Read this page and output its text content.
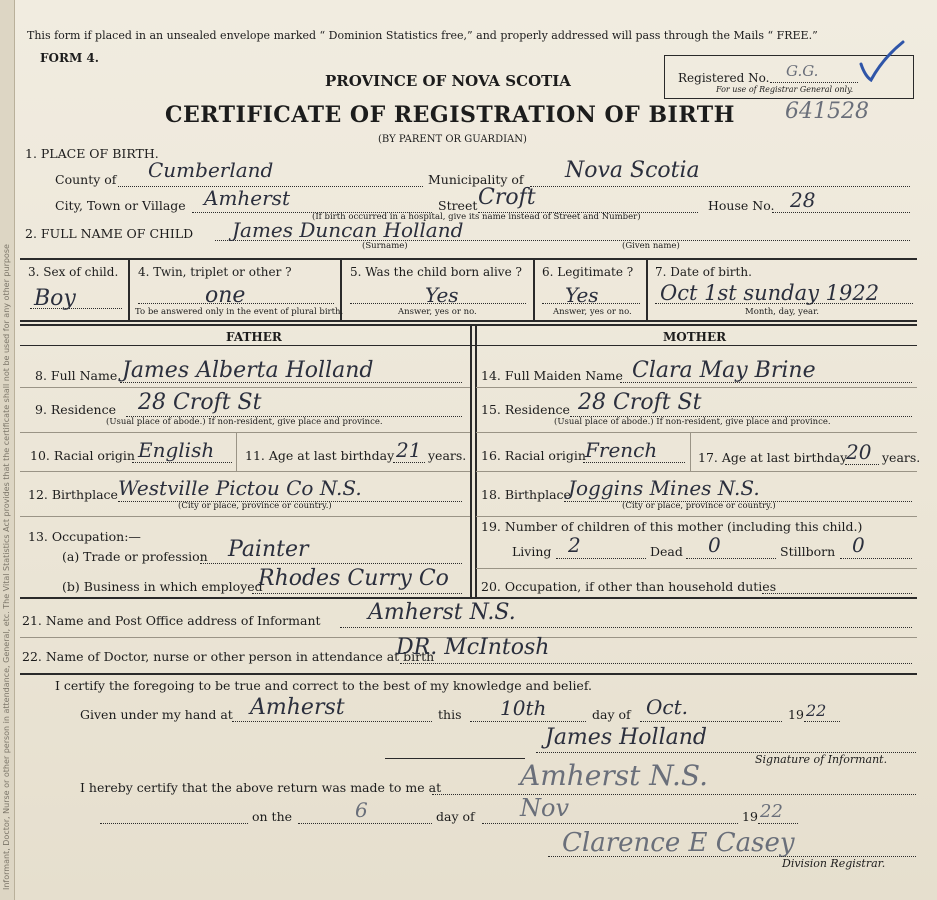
Informant, Doctor, Nurse or other person in attendance, General, etc. The Vital Statistics Act provides that the certificate shall not be used for any other purpose
This form if placed in an unsealed envelope marked “ Dominion Statistics free,” and properly addressed will pass through the Mails “ FREE.”
FORM 4.
PROVINCE OF NOVA SCOTIA
CERTIFICATE OF REGISTRATION OF BIRTH 641528
(BY PARENT OR GUARDIAN)
Registered No. G.G.
For use of Registrar General only.
1. PLACE OF BIRTH.
County of Cumberland	Municipality of Nova Scotia
City, Town or Village Amherst	Street Croft	House No. 28
(If birth occurred in a hospital, give its name instead of Street and Number)
2. FULL NAME OF CHILD James Duncan Holland
(Surname)	(Given name)
3. Sex of child.
Boy
4. Twin, triplet or other ?
one
To be answered only in the event of plural birth.
5. Was the child born alive ?
Yes
Answer, yes or no.
6. Legitimate ?
Yes
Answer, yes or no.
7. Date of birth.
Oct 1st sunday 1922
Month, day, year.
FATHER	MOTHER
8. Full Name James Alberta Holland
9. Residence 28 Croft St
(Usual place of abode.) If non-resident, give place and province.
10. Racial origin English 11. Age at last birthday 21 years.
12. Birthplace Westville Pictou Co N.S.
(City or place, province or country.)
13. Occupation:—
(a) Trade or profession Painter
(b) Business in which employed
Rhodes Curry Co
14. Full Maiden Name Clara May Brine
15. Residence 28 Croft St
(Usual place of abode.) If non-resident, give place and province.
16. Racial origin French	17. Age at last birthday
20 years.
18. Birthplace
Joggins Mines N.S.
(City or place, province or country.)
19. Number of children of this mother (including this child.)
Living 2	Dead 0	Stillborn 0
20. Occupation, if other than household duties
21. Name and Post Office address of Informant Amherst N.S.
22. Name of Doctor, nurse or other person in attendance at birth
DR. McIntosh
I certify the foregoing to be true and correct to the best of my knowledge and belief.
Given under my hand at Amherst	this 10th	day of Oct.	19 22
James Holland
Signature of Informant.
I hereby certify that the above return was made to me at	Amherst N.S.
on the	6	day of Nov	19 22
Clarence E Casey
Division Registrar.
